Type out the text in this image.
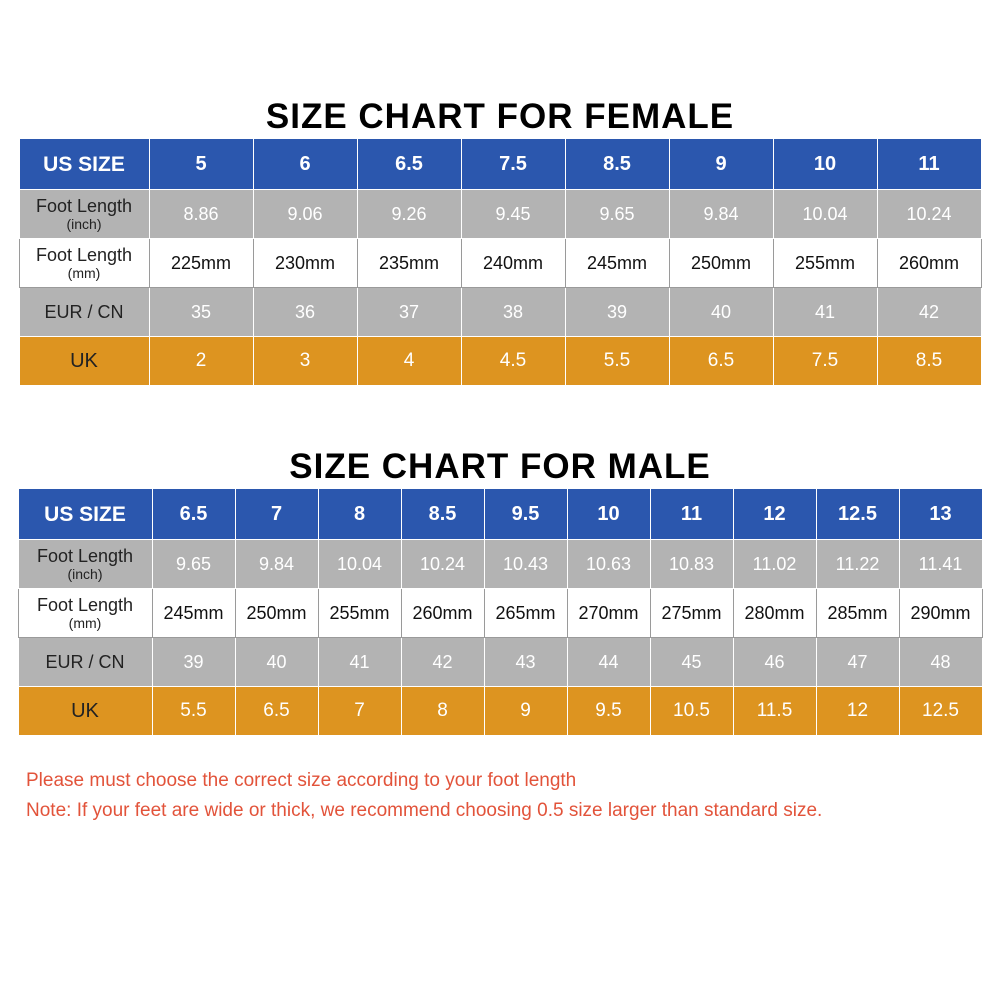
SIZE CHART FOR FEMALE
US SIZE	5	6	6.5	7.5	8.5	9	10	11

Foot Length
(inch)	8.86	9.06	9.26	9.45	9.65	9.84	10.04	10.24

Foot Length
(mm)	225mm	230mm	235mm	240mm	245mm	250mm	255mm	260mm
EUR / CN	35	36	37	38	39	40	41	42
UK	2	3	4	4.5	5.5	6.5	7.5	8.5
SIZE CHART FOR MALE
US SIZE	6.5	7	8	8.5	9.5	10	11	12	12.5	13

Foot Length
(inch)	9.65	9.84	10.04	10.24	10.43	10.63	10.83	11.02	11.22	11.41

Foot Length
(mm)	245mm	250mm	255mm	260mm	265mm	270mm	275mm	280mm	285mm	290mm
EUR / CN	39	40	41	42	43	44	45	46	47	48
UK	5.5	6.5	7	8	9	9.5	10.5	11.5	12	12.5
Please must choose the correct size according to your foot length
Note: If your feet are wide or thick, we recommend choosing 0.5 size larger than standard size.
